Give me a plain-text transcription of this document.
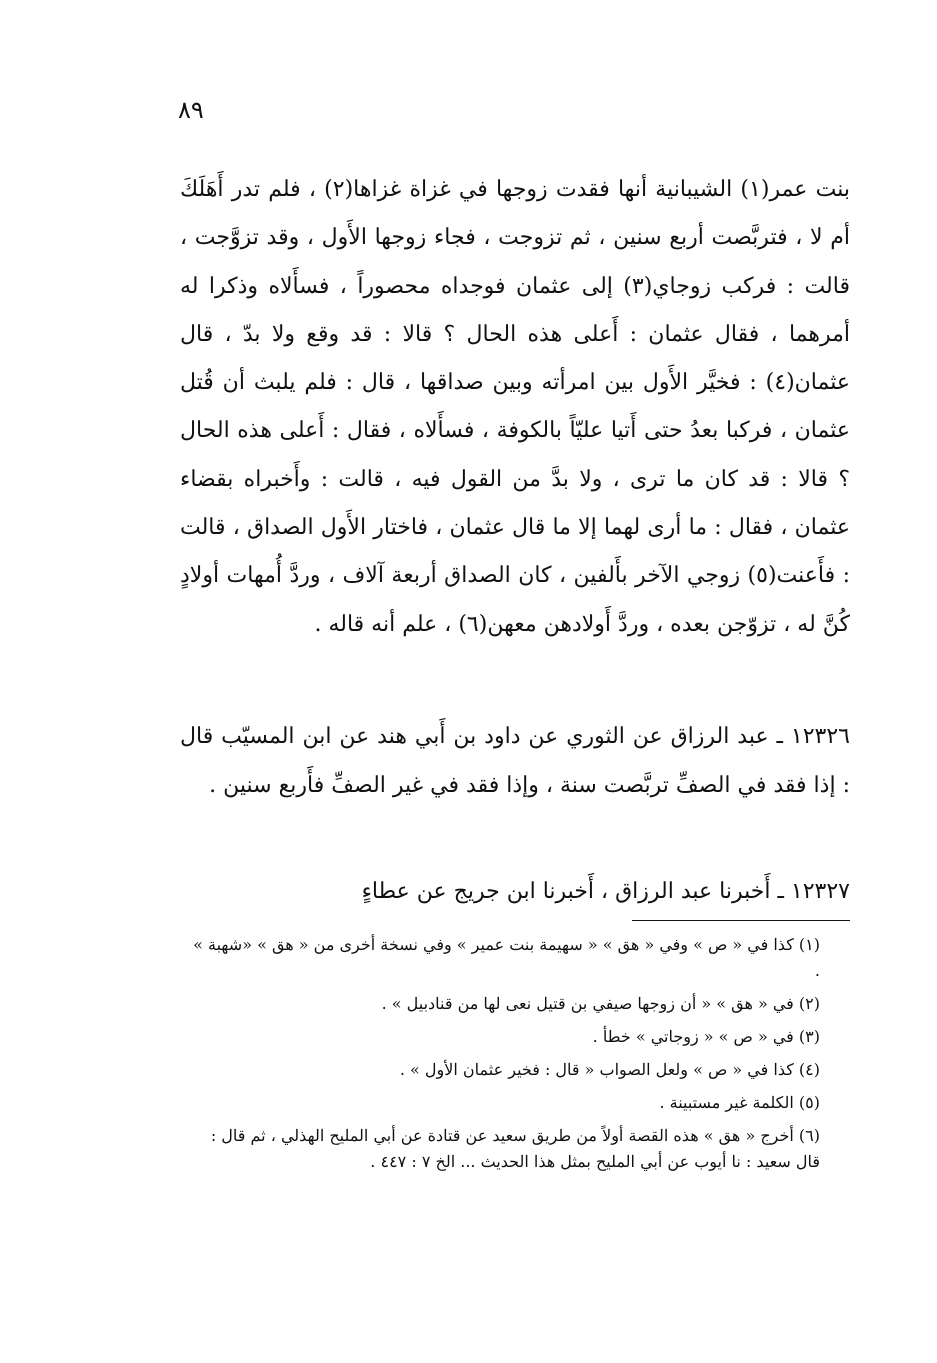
٨٩
بنت عمر(١) الشيبانية أنها فقدت زوجها في غزاة غزاها(٢) ، فلم تدر أَهَلَكَ أم لا ، فتربَّصت أربع سنين ، ثم تزوجت ، فجاء زوجها الأَول ، وقد تزوَّجت ، قالت : فركب زوجاي(٣) إلى عثمان فوجداه محصوراً ، فسأَلاه وذكرا له أمرهما ، فقال عثمان : أَعلى هذه الحال ؟ قالا : قد وقع ولا بدّ ، قال عثمان(٤) : فخيَّر الأَول بين امرأته وبين صداقها ، قال : فلم يلبث أن قُتل عثمان ، فركبا بعدُ حتى أَتيا عليّاً بالكوفة ، فسأَلاه ، فقال : أَعلى هذه الحال ؟ قالا : قد كان ما ترى ، ولا بدَّ من القول فيه ، قالت : وأَخبراه بقضاء عثمان ، فقال : ما أرى لهما إلا ما قال عثمان ، فاختار الأَول الصداق ، قالت : فأَعنت(٥) زوجي الآخر بأَلفين ، كان الصداق أربعة آلاف ، وردَّ أُمهات أولادٍ كُنَّ له ، تزوّجن بعده ، وردَّ أَولادهن معهن(٦) ، علم أنه قاله .
١٢٣٢٦ ـ عبد الرزاق عن الثوري عن داود بن أَبي هند عن ابن المسيّب قال : إذا فقد في الصفِّ تربَّصت سنة ، وإذا فقد في غير الصفِّ فأَربع سنين .
١٢٣٢٧ ـ أَخبرنا عبد الرزاق ، أَخبرنا ابن جريج عن عطاءٍ
(١) كذا في « ص » وفي « هق » « سهيمة بنت عمير » وفي نسخة أخرى من « هق » «شهبة » .
(٢) في « هق » « أن زوجها صيفي بن قتيل نعى لها من قنادبيل » .
(٣) في « ص » « زوجاتي » خطأ .
(٤) كذا في « ص » ولعل الصواب « قال : فخير عثمان الأول » .
(٥) الكلمة غير مستبينة .
(٦) أخرج « هق » هذه القصة أولاً من طريق سعيد عن قتادة عن أبي المليح الهذلي ، ثم قال : قال سعيد : نا أيوب عن أبي المليح بمثل هذا الحديث ... الخ ٧ : ٤٤٧ .
